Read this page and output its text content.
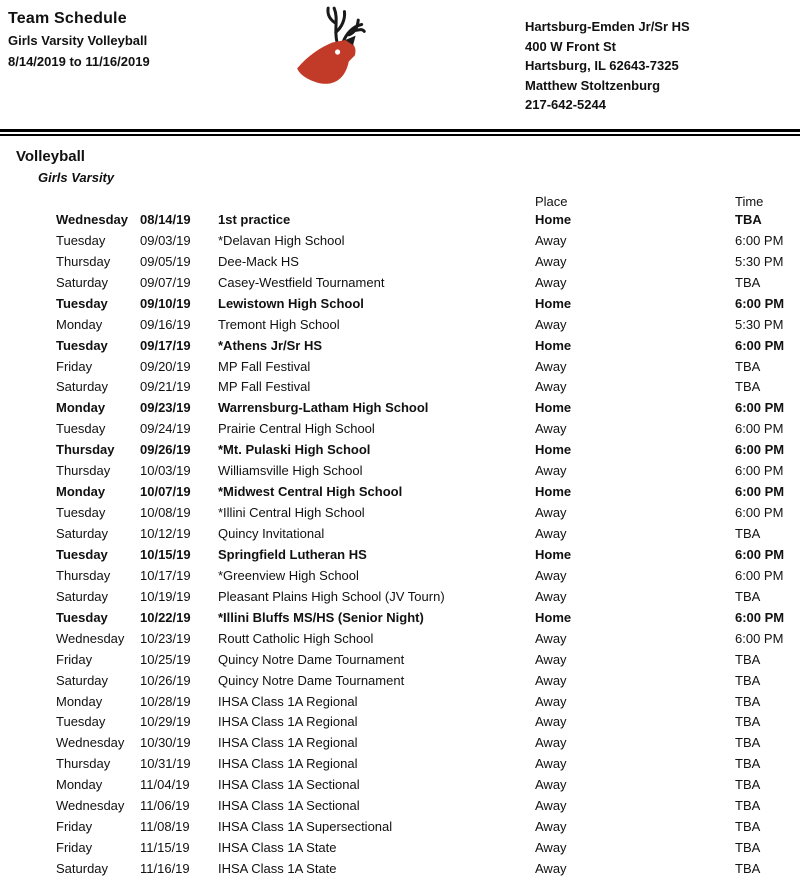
Team Schedule
Girls Varsity Volleyball
8/14/2019 to 11/16/2019
Hartsburg-Emden Jr/Sr HS
400 W Front St
Hartsburg, IL 62643-7325
Matthew Stoltzenburg
217-642-5244
Volleyball
Girls Varsity
Place	Time
Wednesday 08/14/19	1st practice	Home	TBA
Tuesday	09/03/19	*Delavan High School	Away	6:00 PM
Thursday	09/05/19	Dee-Mack HS	Away	5:30 PM
Saturday	09/07/19	Casey-Westfield Tournament	Away	TBA
Tuesday	09/10/19	Lewistown High School	Home	6:00 PM
Monday	09/16/19	Tremont High School	Away	5:30 PM
Tuesday	09/17/19	*Athens Jr/Sr HS	Home	6:00 PM
Friday	09/20/19	MP Fall Festival	Away	TBA
Saturday	09/21/19	MP Fall Festival	Away	TBA
Monday	09/23/19	Warrensburg-Latham High School	Home	6:00 PM
Tuesday	09/24/19	Prairie Central High School	Away	6:00 PM
Thursday	09/26/19	*Mt. Pulaski High School	Home	6:00 PM
Thursday	10/03/19	Williamsville High School	Away	6:00 PM
Monday	10/07/19	*Midwest Central High School	Home	6:00 PM
Tuesday	10/08/19	*Illini Central High School	Away	6:00 PM
Saturday	10/12/19	Quincy Invitational	Away	TBA
Tuesday	10/15/19	Springfield Lutheran HS	Home	6:00 PM
Thursday	10/17/19	*Greenview High School	Away	6:00 PM
Saturday	10/19/19	Pleasant Plains High School (JV Tourn)	Away	TBA
Tuesday	10/22/19	*Illini Bluffs MS/HS (Senior Night)	Home	6:00 PM
Wednesday	10/23/19	Routt Catholic High School	Away	6:00 PM
Friday	10/25/19	Quincy Notre Dame Tournament	Away	TBA
Saturday	10/26/19	Quincy Notre Dame Tournament	Away	TBA
Monday	10/28/19	IHSA Class 1A Regional	Away	TBA
Tuesday	10/29/19	IHSA Class 1A Regional	Away	TBA
Wednesday	10/30/19	IHSA Class 1A Regional	Away	TBA
Thursday	10/31/19	IHSA Class 1A Regional	Away	TBA
Monday	11/04/19	IHSA Class 1A Sectional	Away	TBA
Wednesday	11/06/19	IHSA Class 1A Sectional	Away	TBA
Friday	11/08/19	IHSA Class 1A Supersectional	Away	TBA
Friday	11/15/19	IHSA Class 1A State	Away	TBA
Saturday	11/16/19	IHSA Class 1A State	Away	TBA
